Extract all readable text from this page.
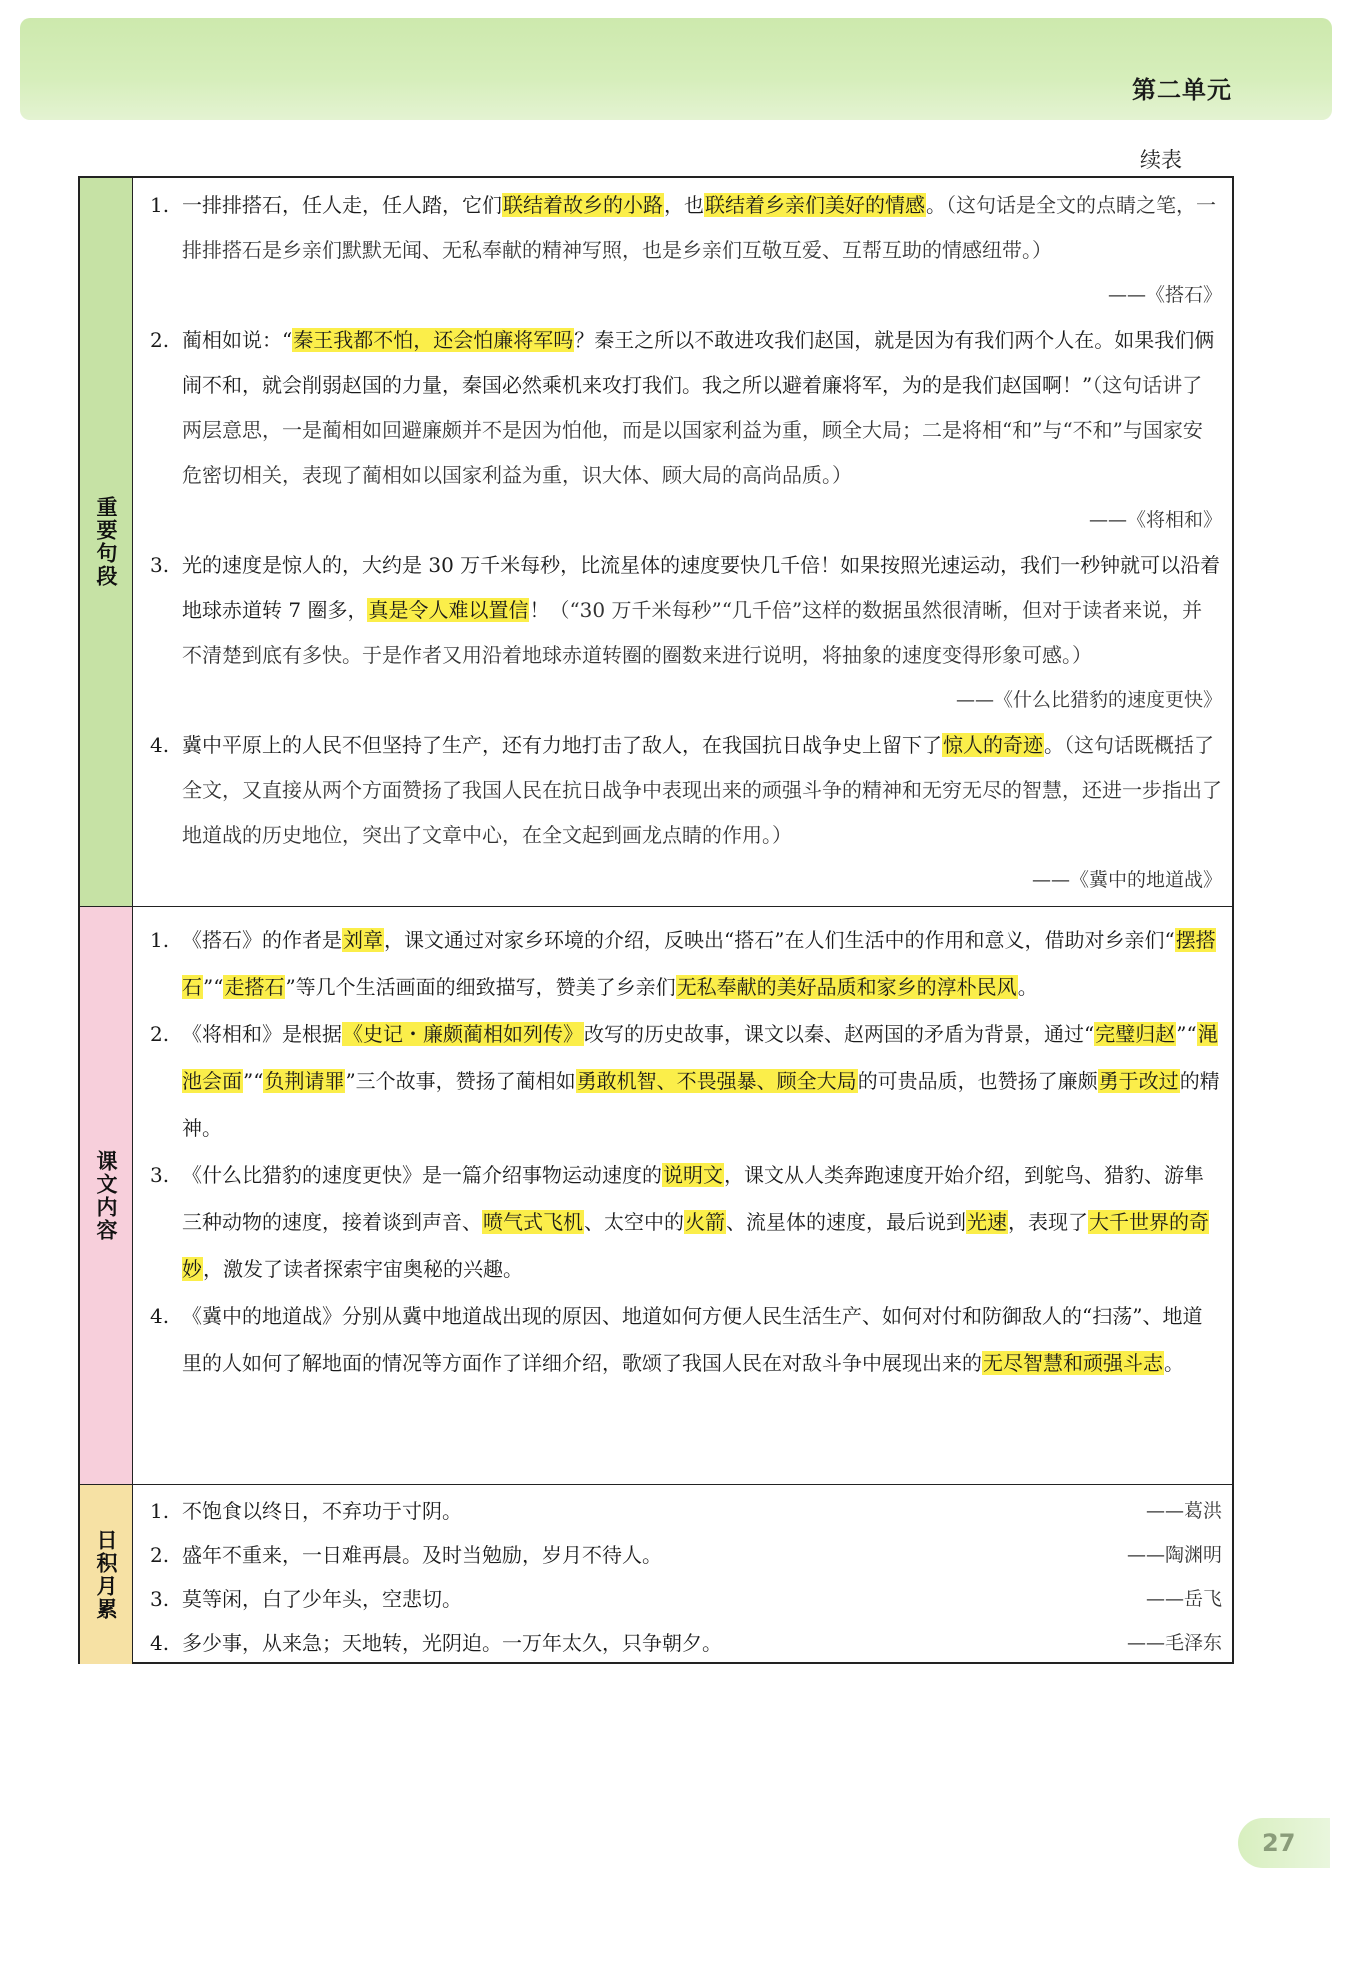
第二单元
续表
重要句段
1. 一排排搭石，任人走，任人踏，它们联结着故乡的小路，也联结着乡亲们美好的情感。（这句话是全文的点睛之笔，一排排搭石是乡亲们默默无闻、无私奉献的精神写照，也是乡亲们互敬互爱、互帮互助的情感纽带。）

——《搭石》
2. 蔺相如说：“秦王我都不怕，还会怕廉将军吗？秦王之所以不敢进攻我们赵国，就是因为有我们两个人在。如果我们俩闹不和，就会削弱赵国的力量，秦国必然乘机来攻打我们。我之所以避着廉将军，为的是我们赵国啊！”（这句话讲了两层意思，一是蔺相如回避廉颇并不是因为怕他，而是以国家利益为重，顾全大局；二是将相“和”与“不和”与国家安危密切相关，表现了蔺相如以国家利益为重，识大体、顾大局的高尚品质。）

——《将相和》
3. 光的速度是惊人的，大约是 30 万千米每秒，比流星体的速度要快几千倍！如果按照光速运动，我们一秒钟就可以沿着地球赤道转 7 圈多，真是令人难以置信！（“30 万千米每秒”“几千倍”这样的数据虽然很清晰，但对于读者来说，并不清楚到底有多快。于是作者又用沿着地球赤道转圈的圈数来进行说明，将抽象的速度变得形象可感。）

——《什么比猎豹的速度更快》
4. 冀中平原上的人民不但坚持了生产，还有力地打击了敌人，在我国抗日战争史上留下了惊人的奇迹。（这句话既概括了全文，又直接从两个方面赞扬了我国人民在抗日战争中表现出来的顽强斗争的精神和无穷无尽的智慧，还进一步指出了地道战的历史地位，突出了文章中心，在全文起到画龙点睛的作用。）

——《冀中的地道战》
课文内容
1. 《搭石》的作者是刘章，课文通过对家乡环境的介绍，反映出“搭石”在人们生活中的作用和意义，借助对乡亲们“摆搭石”“走搭石”等几个生活画面的细致描写，赞美了乡亲们无私奉献的美好品质和家乡的淳朴民风。

2. 《将相和》是根据《史记・廉颇蔺相如列传》改写的历史故事，课文以秦、赵两国的矛盾为背景，通过“完璧归赵”“渑池会面”“负荆请罪”三个故事，赞扬了蔺相如勇敢机智、不畏强暴、顾全大局的可贵品质，也赞扬了廉颇勇于改过的精神。

3. 《什么比猎豹的速度更快》是一篇介绍事物运动速度的说明文，课文从人类奔跑速度开始介绍，到鸵鸟、猎豹、游隼三种动物的速度，接着谈到声音、喷气式飞机、太空中的火箭、流星体的速度，最后说到光速，表现了大千世界的奇妙，激发了读者探索宇宙奥秘的兴趣。

4. 《冀中的地道战》分别从冀中地道战出现的原因、地道如何方便人民生活生产、如何对付和防御敌人的“扫荡”、地道里的人如何了解地面的情况等方面作了详细介绍，歌颂了我国人民在对敌斗争中展现出来的无尽智慧和顽强斗志。

日积月累
1. 不饱食以终日，不弃功于寸阴。	——葛洪
2. 盛年不重来，一日难再晨。及时当勉励，岁月不待人。	——陶渊明
3. 莫等闲，白了少年头，空悲切。	——岳飞
4. 多少事，从来急；天地转，光阴迫。一万年太久，只争朝夕。	——毛泽东
27
